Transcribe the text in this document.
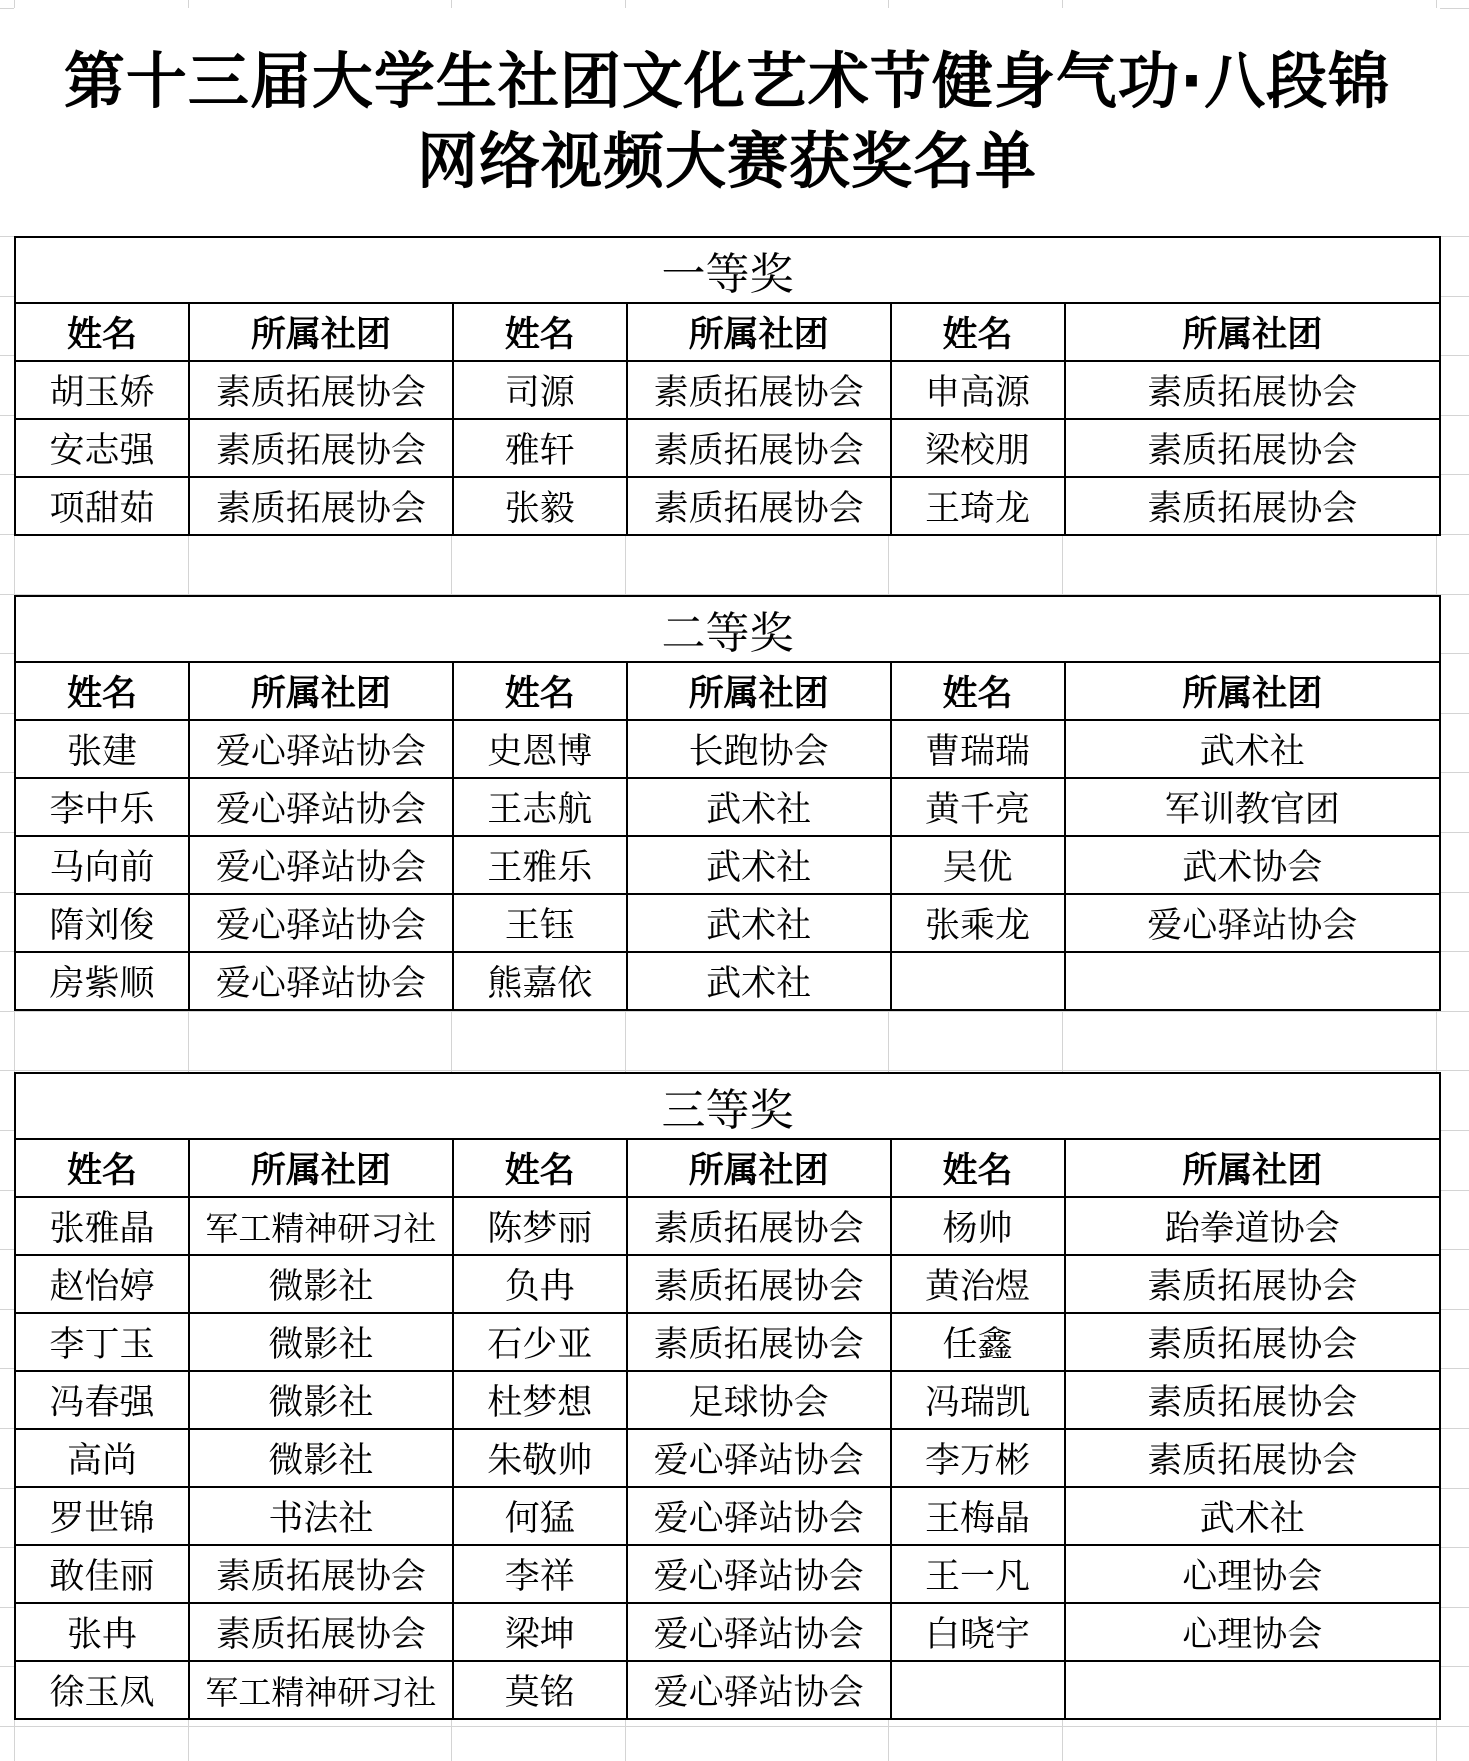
第十三届大学生社团文化艺术节健身气功·八段锦
网络视频大赛获奖名单
一等奖					
姓名	所属社团	姓名	所属社团	姓名	所属社团
胡玉娇	素质拓展协会	司源	素质拓展协会	申高源	素质拓展协会
安志强	素质拓展协会	雅轩	素质拓展协会	梁校朋	素质拓展协会
项甜茹	素质拓展协会	张毅	素质拓展协会	王琦龙	素质拓展协会
二等奖					
姓名	所属社团	姓名	所属社团	姓名	所属社团
张建	爱心驿站协会	史恩博	长跑协会	曹瑞瑞	武术社
李中乐	爱心驿站协会	王志航	武术社	黄千亮	军训教官团
马向前	爱心驿站协会	王雅乐	武术社	吴优	武术协会
隋刘俊	爱心驿站协会	王钰	武术社	张乘龙	爱心驿站协会
房紫顺	爱心驿站协会	熊嘉依	武术社		
三等奖					
姓名	所属社团	姓名	所属社团	姓名	所属社团
张雅晶	军工精神研习社	陈梦丽	素质拓展协会	杨帅	跆拳道协会
赵怡婷	微影社	负冉	素质拓展协会	黄治煜	素质拓展协会
李丁玉	微影社	石少亚	素质拓展协会	任鑫	素质拓展协会
冯春强	微影社	杜梦想	足球协会	冯瑞凯	素质拓展协会
高尚	微影社	朱敬帅	爱心驿站协会	李万彬	素质拓展协会
罗世锦	书法社	何猛	爱心驿站协会	王梅晶	武术社
敢佳丽	素质拓展协会	李祥	爱心驿站协会	王一凡	心理协会
张冉	素质拓展协会	梁坤	爱心驿站协会	白晓宇	心理协会
徐玉凤	军工精神研习社	莫铭	爱心驿站协会		
